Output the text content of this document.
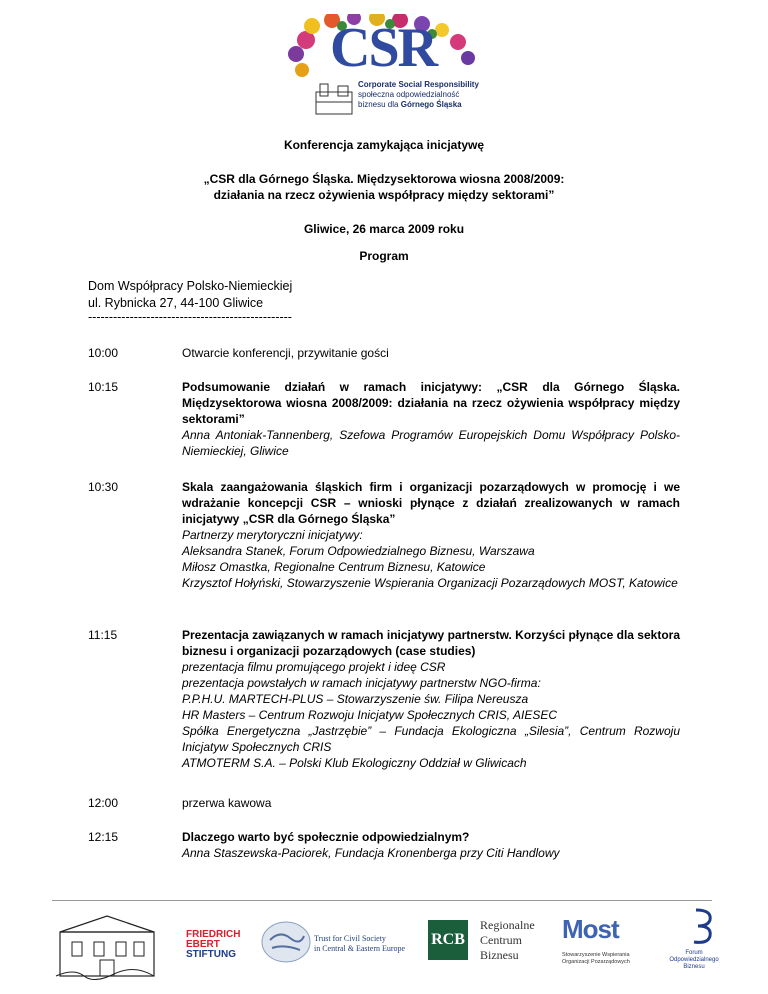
CSR
Corporate Social Responsibility
społeczna odpowiedzialność
biznesu dla Górnego Śląska
Konferencja zamykająca inicjatywę
„CSR dla Górnego Śląska. Międzysektorowa wiosna 2008/2009:
działania na rzecz ożywienia współpracy między sektorami”
Gliwice, 26 marca 2009 roku
Program
Dom Współpracy Polsko-Niemieckiej
ul. Rybnicka 27, 44-100 Gliwice
-------------------------------------------------
10:00	Otwarcie konferencji, przywitanie gości
10:15	Podsumowanie działań w ramach inicjatywy: „CSR dla Górnego Śląska. Międzysektorowa wiosna 2008/2009: działania na rzecz ożywienia współpracy między sektorami”
Anna Antoniak-Tannenberg, Szefowa Programów Europejskich Domu Współpracy Polsko-Niemieckiej, Gliwice
10:30	Skala zaangażowania śląskich firm i organizacji pozarządowych w promocję i we wdrażanie koncepcji CSR – wnioski płynące z działań zrealizowanych w ramach inicjatywy „CSR dla Górnego Śląska”
Partnerzy merytoryczni inicjatywy:
Aleksandra Stanek, Forum Odpowiedzialnego Biznesu, Warszawa
Miłosz Omastka, Regionalne Centrum Biznesu, Katowice
Krzysztof Hołyński, Stowarzyszenie Wspierania Organizacji Pozarządowych MOST, Katowice
11:15	Prezentacja zawiązanych w ramach inicjatywy partnerstw. Korzyści płynące dla sektora biznesu i organizacji pozarządowych (case studies)
prezentacja filmu promującego projekt i ideę CSR
prezentacja powstałych w ramach inicjatywy partnerstw NGO-firma:
P.P.H.U. MARTECH-PLUS – Stowarzyszenie św. Filipa Nereusza
HR Masters – Centrum Rozwoju Inicjatyw Społecznych CRIS, AIESEC
Spółka Energetyczna „Jastrzębie” – Fundacja Ekologiczna „Silesia”, Centrum Rozwoju Inicjatyw Społecznych CRIS
ATMOTERM S.A. – Polski Klub Ekologiczny Oddział w Gliwicach
12:00	przerwa kawowa
12:15	Dlaczego warto być społecznie odpowiedzialnym?
Anna Staszewska-Paciorek, Fundacja Kronenberga przy Citi Handlowy
FRIEDRICH
EBERT
STIFTUNG
Trust for Civil Society
in Central & Eastern Europe
RCB
Regionalne
Centrum
Biznesu
Most
Stowarzyszenie Wspierania
Organizacji Pozarządowych
Forum
Odpowiedzialnego
Biznesu
